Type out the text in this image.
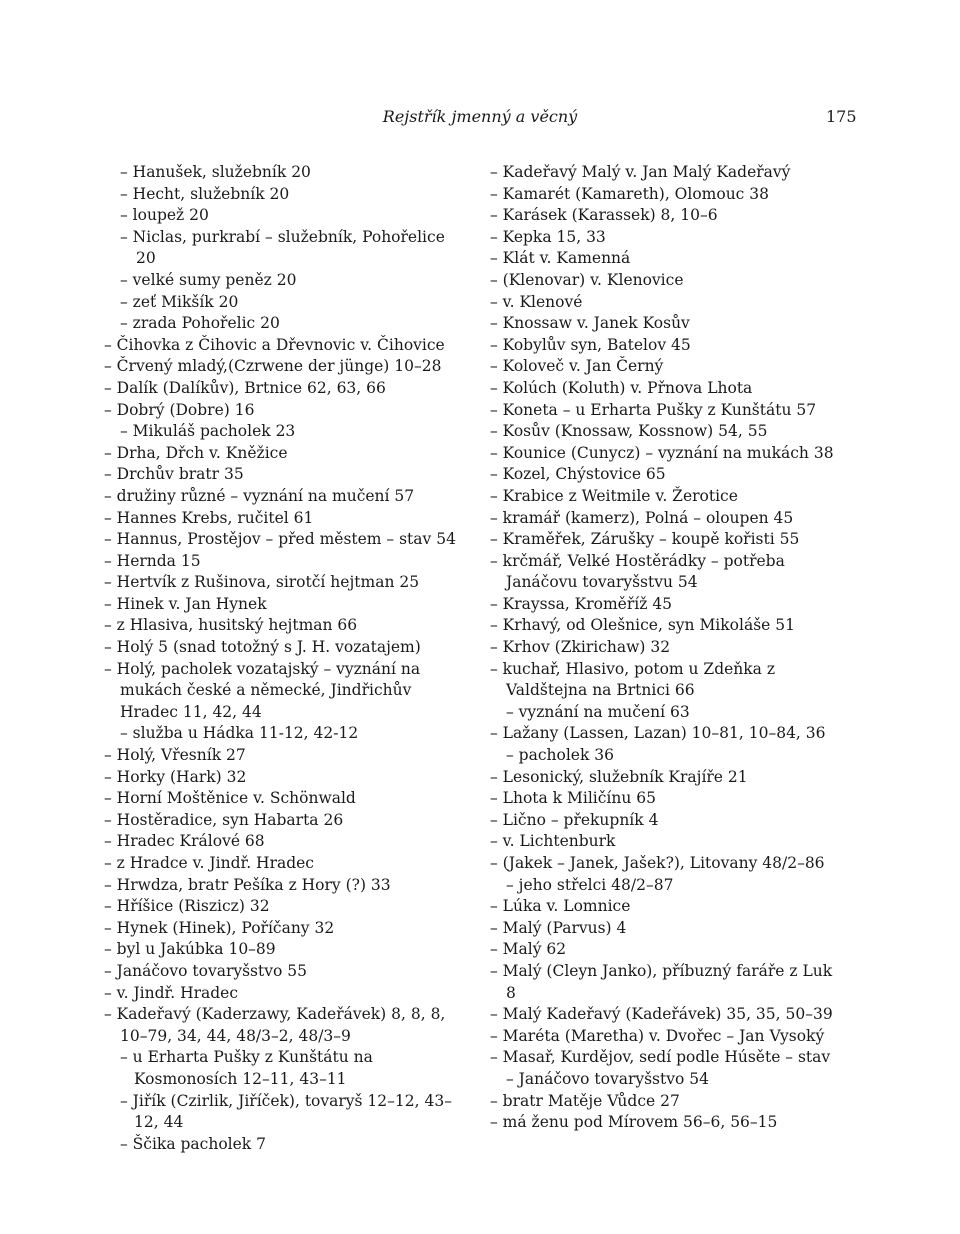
Rejstřík jmenný a věcný	175
– Hanušek, služebník 20
– Hecht, služebník 20
– loupež 20
– Niclas, purkrabí – služebník, Pohořelice 20
– velké sumy peněz 20
– zeť Mikšík 20
– zrada Pohořelic 20
– Čihovka z Čihovic a Dřevnovic v. Čihovice
– Črvený mladý,(Czrwene der jünge) 10–28
– Dalík (Dalíkův), Brtnice 62, 63, 66
– Dobrý (Dobre) 16
– Mikuláš pacholek 23
– Drha, Dřch v. Kněžice
– Drchův bratr 35
– družiny různé – vyznání na mučení 57
– Hannes Krebs, ručitel 61
– Hannus, Prostějov – před městem – stav 54
– Hernda 15
– Hertvík z Rušinova, sirotčí hejtman 25
– Hinek v. Jan Hynek
– z Hlasiva, husitský hejtman 66
– Holý 5 (snad totožný s J. H. vozatajem)
– Holý, pacholek vozatajský – vyznání na mukách české a německé, Jindřichův Hradec 11, 42, 44
– služba u Hádka 11-12, 42-12
– Holý, Vřesník 27
– Horky (Hark) 32
– Horní Moštěnice v. Schönwald
– Hostěradice, syn Habarta 26
– Hradec Králové 68
– z Hradce v. Jindř. Hradec
– Hrwdza, bratr Pešíka z Hory (?) 33
– Hříšice (Riszicz) 32
– Hynek (Hinek), Poříčany 32
– byl u Jakúbka 10–89
– Janáčovo tovaryšstvo 55
– v. Jindř. Hradec
– Kadeřavý (Kaderzawy, Kadeřávek) 8, 8, 8, 10–79, 34, 44, 48/3–2, 48/3–9
– u Erharta Pušky z Kunštátu na Kosmonosích 12–11, 43–11
– Jiřík (Czirlik, Jiříček), tovaryš 12–12, 43–12, 44
– Ščika pacholek 7
– Kadeřavý Malý v. Jan Malý Kadeřavý
– Kamarét (Kamareth), Olomouc 38
– Karásek (Karassek) 8, 10–6
– Kepka 15, 33
– Klát v. Kamenná
– (Klenovar) v. Klenovice
– v. Klenové
– Knossaw v. Janek Kosův
– Kobylův syn, Batelov 45
– Koloveč v. Jan Černý
– Kolúch (Koluth) v. Přnova Lhota
– Koneta – u Erharta Pušky z Kunštátu 57
– Kosův (Knossaw, Kossnow) 54, 55
– Kounice (Cunycz) – vyznání na mukách 38
– Kozel, Chýstovice 65
– Krabice z Weitmile v. Žerotice
– kramář (kamerz), Polná – oloupen 45
– Kraměřek, Zárušky – koupě kořisti 55
– krčmář, Velké Hostěrádky – potřeba Janáčovu tovaryšstvu 54
– Krayssa, Kroměříž 45
– Krhavý, od Olešnice, syn Mikoláše 51
– Krhov (Zkirichaw) 32
– kuchař, Hlasivo, potom u Zdeňka z Valdštejna na Brtnici 66
– vyznání na mučení 63
– Lažany (Lassen, Lazan) 10–81, 10–84, 36
– pacholek 36
– Lesonický, služebník Krajíře 21
– Lhota k Miličínu 65
– Lično – překupník 4
– v. Lichtenburk
– (Jakek – Janek, Jašek?), Litovany 48/2–86
– jeho střelci 48/2–87
– Lúka v. Lomnice
– Malý (Parvus) 4
– Malý 62
– Malý (Cleyn Janko), příbuzný faráře z Luk 8
– Malý Kadeřavý (Kadeřávek) 35, 35, 50–39
– Maréta (Maretha) v. Dvořec – Jan Vysoký
– Masař, Kurdějov, sedí podle Húsěte – stav – Janáčovo tovaryšstvo 54
– bratr Matěje Vůdce 27
– má ženu pod Mírovem 56–6, 56–15
